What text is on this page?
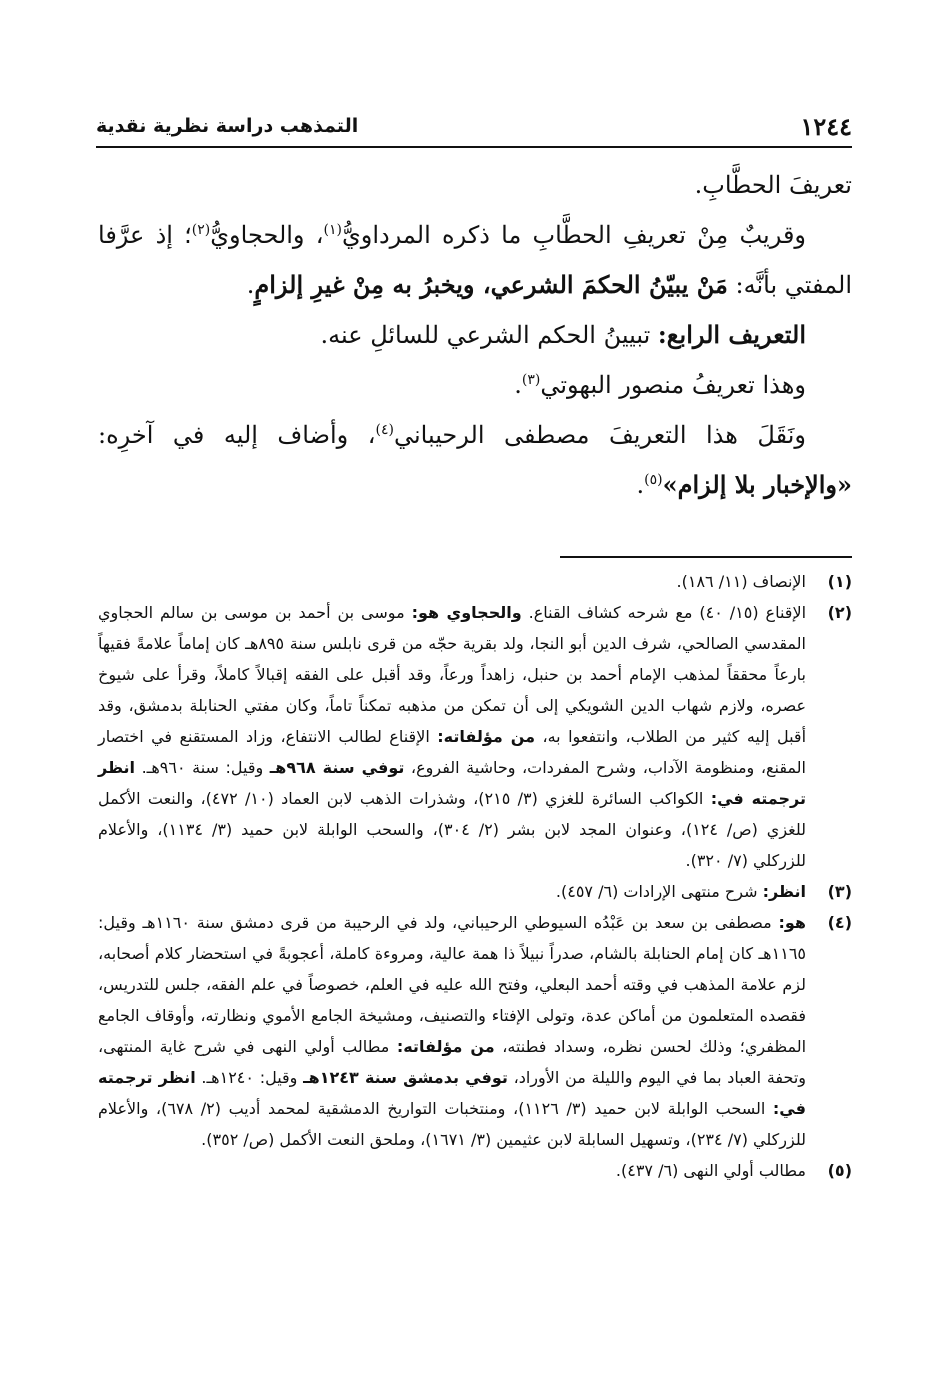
١٢٤٤
التمذهب دراسة نظرية نقدية

تعريفَ الحطَّابِ.

وقريبٌ مِنْ تعريفِ الحطَّابِ ما ذكره المرداويُّ$^{(١)}$، والحجاويُّ$^{(٢)}$؛ إذ عرَّفا المفتي بأنَّه: مَنْ يبيّنُ الحكمَ الشرعي، ويخبرُ به مِنْ غيرِ إلزامٍ.

التعريف الرابع: تبيينُ الحكم الشرعي للسائلِ عنه.

وهذا تعريفُ منصور البهوتي$^{(٣)}$.

ونَقَلَ هذا التعريفَ مصطفى الرحيباني$^{(٤)}$، وأضاف إليه في آخرِه: «والإخبار بلا إلزام»$^{(٥)}$.

(١)
الإنصاف (١١/ ١٨٦).
(٢)
الإقناع (١٥/ ٤٠) مع شرحه كشاف القناع. والحجاوي هو: موسى بن أحمد بن موسى بن سالم الحجاوي المقدسي الصالحي، شرف الدين أبو النجا، ولد بقرية حجّه من قرى نابلس سنة ٨٩٥هـ كان إماماً علامةً فقيهاً بارعاً محققاً لمذهب الإمام أحمد بن حنبل، زاهداً ورعاً، وقد أقبل على الفقه إقبالاً كاملاً، وقرأ على شيوخ عصره، ولازم شهاب الدين الشويكي إلى أن تمكن من مذهبه تمكناً تاماً، وكان مفتي الحنابلة بدمشق، وقد أقبل إليه كثير من الطلاب، وانتفعوا به، من مؤلفاته: الإقناع لطالب الانتفاع، وزاد المستقنع في اختصار المقنع، ومنظومة الآداب، وشرح المفردات، وحاشية الفروع، توفي سنة ٩٦٨هـ وقيل: سنة ٩٦٠هـ. انظر ترجمته في: الكواكب السائرة للغزي (٣/ ٢١٥)، وشذرات الذهب لابن العماد (١٠/ ٤٧٢)، والنعت الأكمل للغزي (ص/ ١٢٤)، وعنوان المجد لابن بشر (٢/ ٣٠٤)، والسحب الوابلة لابن حميد (٣/ ١١٣٤)، والأعلام للزركلي (٧/ ٣٢٠).
(٣)
انظر: شرح منتهى الإرادات (٦/ ٤٥٧).
(٤)
هو: مصطفى بن سعد بن عَبْدُه السيوطي الرحيباني، ولد في الرحيبة من قرى دمشق سنة ١١٦٠هـ وقيل: ١١٦٥هـ كان إمام الحنابلة بالشام، صدراً نبيلاً ذا همة عالية، ومروءة كاملة، أعجوبةً في استحضار كلام أصحابه، لزم علامة المذهب في وقته أحمد البعلي، وفتح الله عليه في العلم، خصوصاً في علم الفقه، جلس للتدريس، فقصده المتعلمون من أماكن عدة، وتولى الإفتاء والتصنيف، ومشيخة الجامع الأموي ونظارته، وأوقاف الجامع المظفري؛ وذلك لحسن نظره، وسداد فطنته، من مؤلفاته: مطالب أولي النهى في شرح غاية المنتهى، وتحفة العباد بما في اليوم والليلة من الأوراد، توفي بدمشق سنة ١٢٤٣هـ وقيل: ١٢٤٠هـ. انظر ترجمته في: السحب الوابلة لابن حميد (٣/ ١١٢٦)، ومنتخبات التواريخ الدمشقية لمحمد أديب (٢/ ٦٧٨)، والأعلام للزركلي (٧/ ٢٣٤)، وتسهيل السابلة لابن عثيمين (٣/ ١٦٧١)، وملحق النعت الأكمل (ص/ ٣٥٢).
(٥)
مطالب أولي النهى (٦/ ٤٣٧).
